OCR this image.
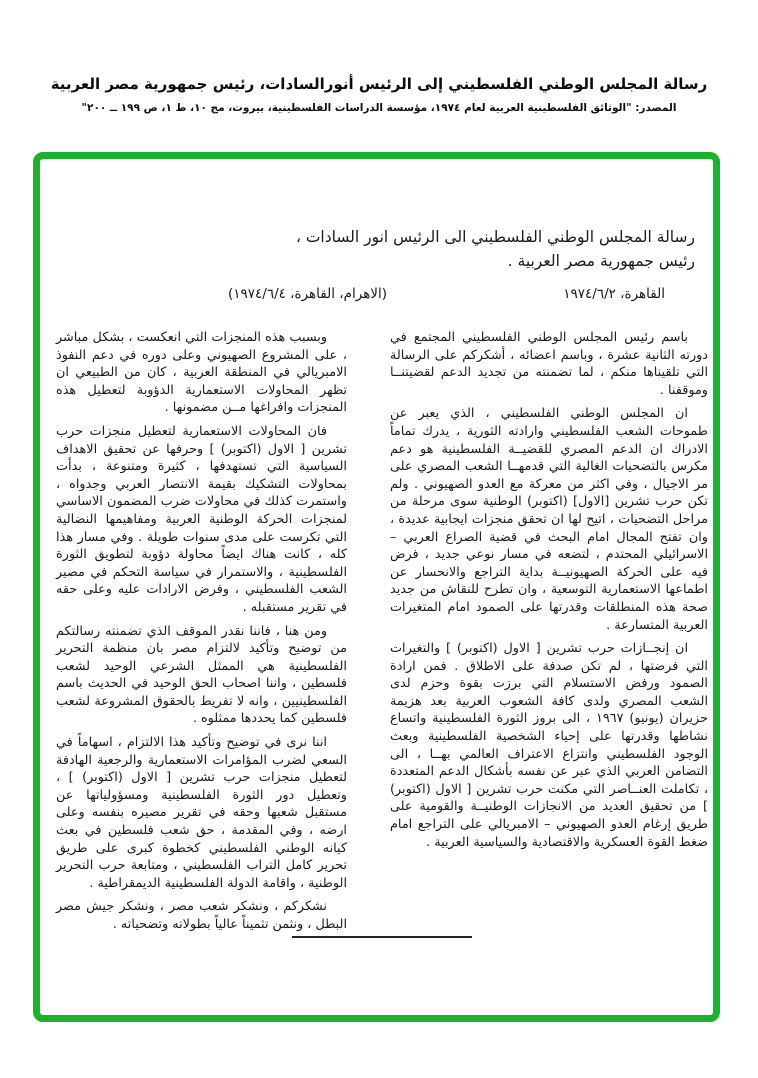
رسالة المجلس الوطني الفلسطيني إلى الرئيس أنورالسادات، رئيس جمهورية مصر العربية
المصدر: "الوثائق الفلسطينية العربية لعام ١٩٧٤، مؤسسة الدراسات الفلسطينية، بيروت، مج ١٠، ط ١، ص ١٩٩ ــ ٢٠٠"
رسالة المجلس الوطني الفلسطيني الى الرئيس انور السادات ،
رئيس جمهورية مصر العربية .
القاهرة، ١٩٧٤/٦/٢
(الاهرام، القاهرة، ١٩٧٤/٦/٤)

باسم رئيس المجلس الوطني الفلسطيني المجتمع في دورته الثانية عشرة ، وباسم اعضائه ، أشكركم على الرسالة التي تلقيناها منكم ، لما تضمنته من تجديد الدعم لقضيتنــا وموقفنا .

ان المجلس الوطني الفلسطيني ، الذي يعبر عن طموحات الشعب الفلسطيني وارادته الثورية ، يدرك تماماً الادراك ان الدعم المصري للقضيــة الفلسطينية هو دعم مكرس بالتضحيات الغالية التي قدمهــا الشعب المصري على مر الاجيال ، وفي اكثر من معركة مع العدو الصهيوني . ولم تكن حرب تشرين [الاول] (اكتوبر) الوطنية سوى مرحلة من مراحل التضحيات ، اتيح لها ان تحقق منجزات ايجابية عديدة ، وان تفتح المجال امام البحث في قضية الصراع العربي – الاسرائيلي المحتدم ، لتضعه في مسار نوعي جديد ، فرض فيه على الحركة الصهيونيــة بداية التراجع والانحسار عن اطماعها الاستعمارية التوسعية ، وان تطرح للنقاش من جديد صحة هذه المنطلقات وقدرتها على الصمود امام المتغيرات العربية المتسارعة .

ان إنجــازات حرب تشرين [ الاول (اكتوبر) ] والتغيرات التي فرضتها ، لم تكن صدفة على الاطلاق . فمن ارادة الصمود ورفض الاستسلام التي برزت بقوة وحزم لدى الشعب المصري ولدى كافة الشعوب العربية بعد هزيمة حزيران (يونيو) ١٩٦٧ ، الى بروز الثورة الفلسطينية واتساع نشاطها وقدرتها على إحياء الشخصية الفلسطينية وبعث الوجود الفلسطيني وانتزاع الاعتراف العالمي بهــا ، الى التضامن العربي الذي عبر عن نفسه بأشكال الدعم المتعددة ، تكاملت العنــاصر التي مكنت حرب تشرين [ الاول (اكتوبر) ] من تحقيق العديد من الانجازات الوطنيــة والقومية على طريق إرغام العدو الصهيوني – الامبريالي على التراجع امام ضغط القوة العسكرية والاقتصادية والسياسية العربية .

وبسبب هذه المنجزات التي انعكست ، بشكل مباشر ، على المشروع الصهيوني وعلى دوره في دعم النفوذ الامبريالي في المنطقة العربية ، كان من الطبيعي ان تظهر المحاولات الاستعمارية الدؤوبة لتعطيل هذه المنجزات وافراغها مــن مضمونها .

فان المحاولات الاستعمارية لتعطيل منجزات حرب تشرين [ الاول (اكتوبر) ] وحرفها عن تحقيق الاهداف السياسية التي تستهدفها ، كثيرة ومتنوعة ، بدأت بمحاولات التشكيك بقيمة الانتصار العربي وجدواه ، واستمرت كذلك في محاولات ضرب المضمون الاساسي لمنجزات الحركة الوطنية العربية ومفاهيمها النضالية التي تكرست على مدى سنوات طويلة . وفي مسار هذا كله ، كانت هناك ايضاً محاولة دؤوبة لتطويق الثورة الفلسطينية ، والاستمرار في سياسة التحكم في مصير الشعب الفلسطيني ، وفرض الارادات عليه وعلى حقه في تقرير مستقبله .

ومن هنا ، فاننا نقدر الموقف الذي تضمنته رسالتكم من توضيح وتأكيد لالتزام مصر بان منظمة التحرير الفلسطينية هي الممثل الشرعي الوحيد لشعب فلسطين ، واننا اصحاب الحق الوحيد في الحديث باسم الفلسطينيين ، وانه لا تفريط بالحقوق المشروعة لشعب فلسطين كما يحددها ممثلوه .

اننا نرى في توضيح وتأكيد هذا الالتزام ، اسهاماً في السعي لضرب المؤامرات الاستعمارية والرجعية الهادفة لتعطيل منجزات حرب تشرين [ الاول (اكتوبر) ] ، وتعطيل دور الثورة الفلسطينية ومسؤولياتها عن مستقبل شعبها وحقه في تقرير مصيره بنفسه وعلى ارضه ، وفي المقدمة ، حق شعب فلسطين في بعث كيانه الوطني الفلسطيني كخطوة كبرى على طريق تحرير كامل التراب الفلسطيني ، ومتابعة حرب التحرير الوطنية ، واقامة الدولة الفلسطينية الديمقراطية .

نشكركم ، ونشكر شعب مصر ، ونشكر جيش مصر البطل ، ونثمن تثميناً عالياً بطولاته وتضحياته .
